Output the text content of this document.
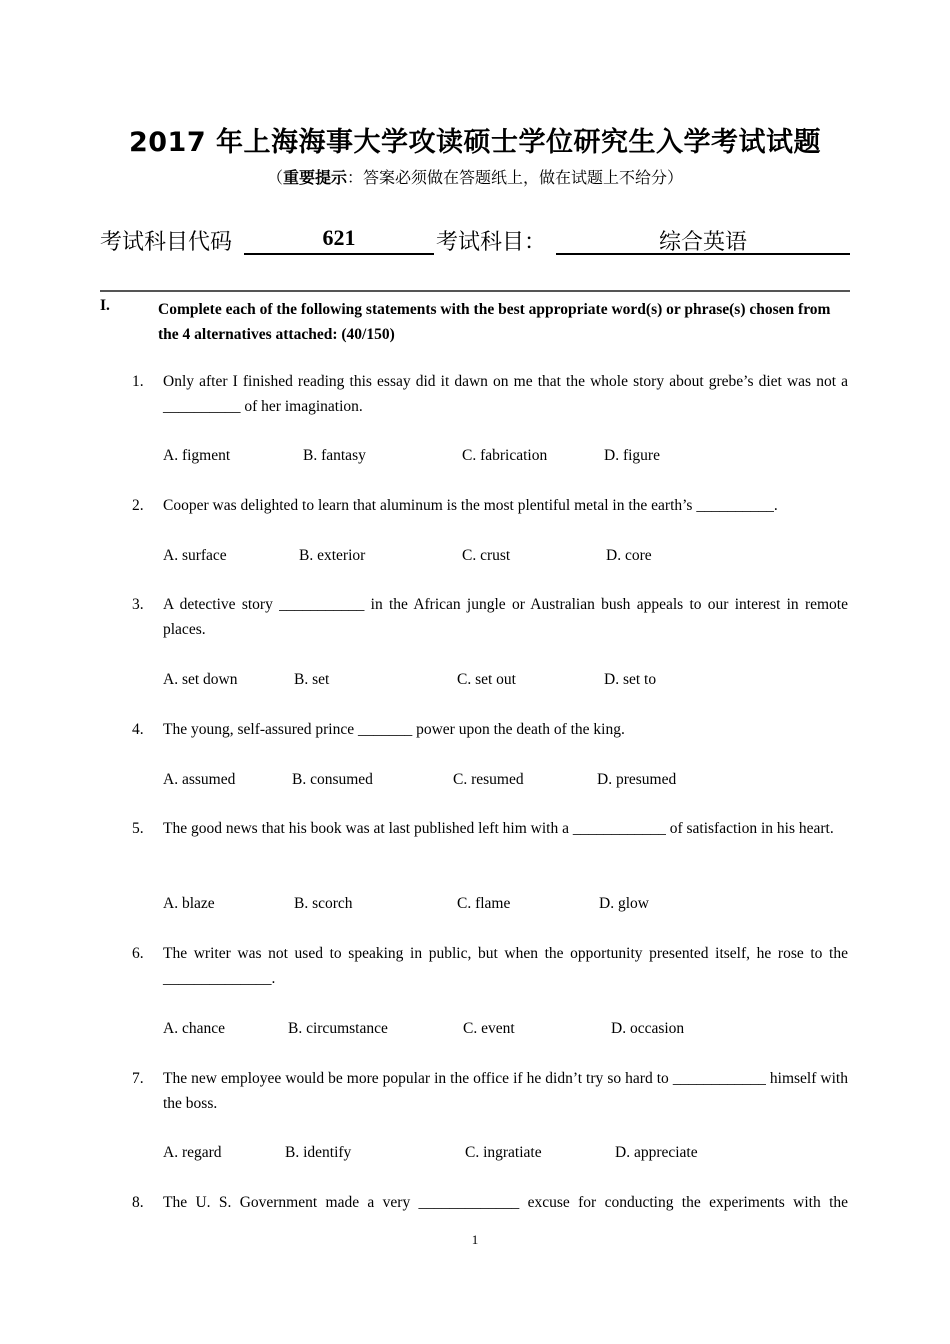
2017 年上海海事大学攻读硕士学位研究生入学考试试题
（重要提示：答案必须做在答题纸上，做在试题上不给分）
考试科目代码	621	考试科目：	综合英语
I.	Complete each of the following statements with the best appropriate word(s) or phrase(s) chosen from the 4 alternatives attached: (40/150)
1.	Only after I finished reading this essay did it dawn on me that the whole story about grebe’s diet was not a __________ of her imagination.
A. figment	B. fantasy	C. fabrication	D. figure
2.	Cooper was delighted to learn that aluminum is the most plentiful metal in the earth’s __________.
A. surface	B. exterior	C. crust	D. core
3.	A detective story ___________ in the African jungle or Australian bush appeals to our interest in remote places.
A. set down	B. set	C. set out	D. set to
4.	The young, self-assured prince _______ power upon the death of the king.
A. assumed	B. consumed	C. resumed	D. presumed
5.	The good news that his book was at last published left him with a ____________ of satisfaction in his heart.
A. blaze	B. scorch	C. flame	D. glow
6.	The writer was not used to speaking in public, but when the opportunity presented itself, he rose to the ______________.
A. chance	B. circumstance	C. event	D. occasion
7.	The new employee would be more popular in the office if he didn’t try so hard to ____________ himself with the boss.
A. regard	B. identify	C. ingratiate	D. appreciate
8.	The U. S. Government made a very _____________ excuse for conducting the experiments with the
1
